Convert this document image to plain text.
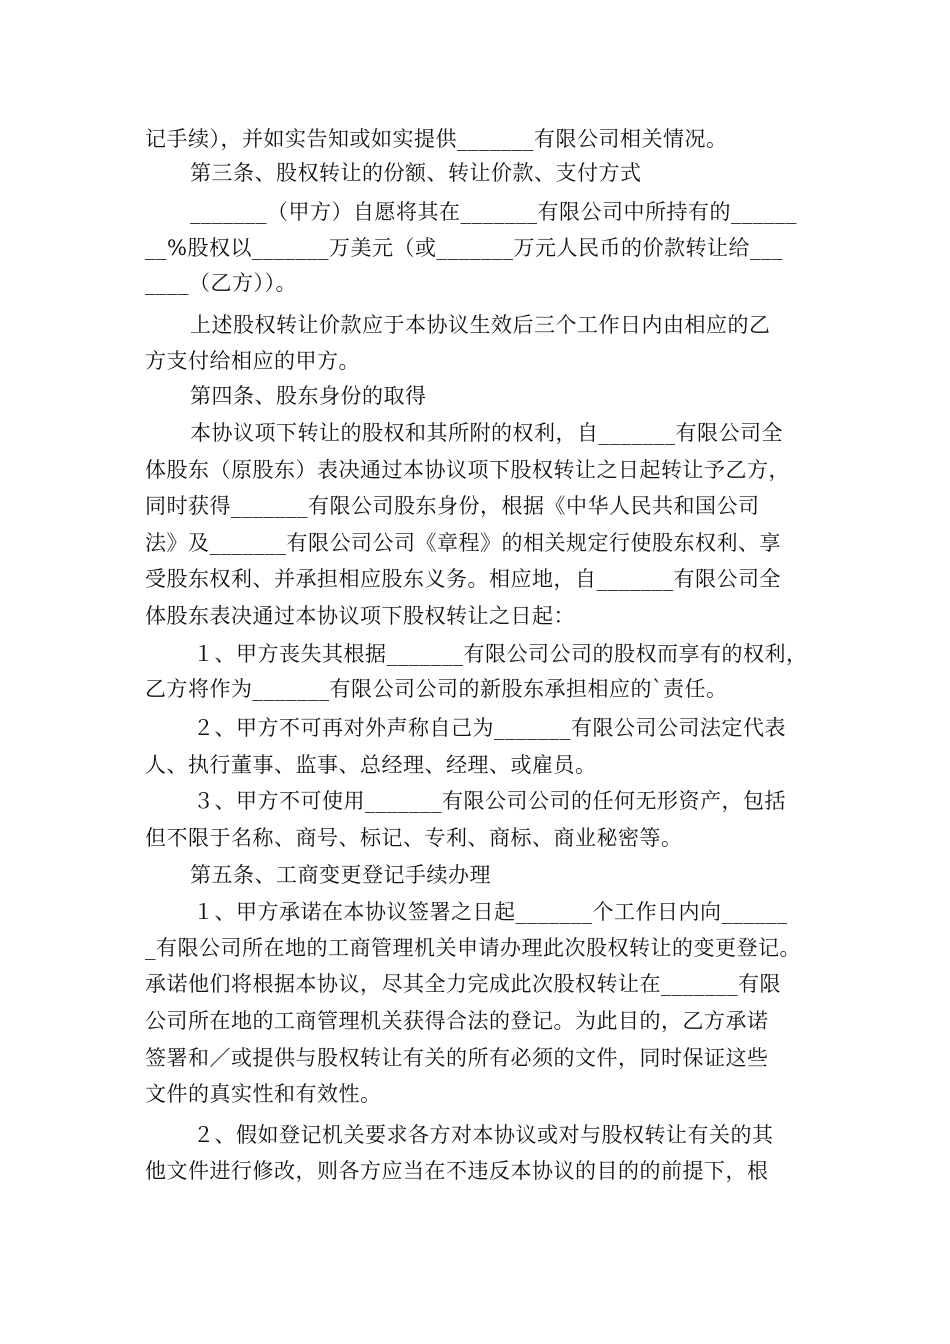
记手续），并如实告知或如实提供_______有限公司相关情况。
第三条、股权转让的份额、转让价款、支付方式
_______（甲方）自愿将其在_______有限公司中所持有的______
__%股权以_______万美元（或_______万元人民币的价款转让给___
____（乙方））。
上述股权转让价款应于本协议生效后三个工作日内由相应的乙
方支付给相应的甲方。
第四条、股东身份的取得
本协议项下转让的股权和其所附的权利，自_______有限公司全
体股东（原股东）表决通过本协议项下股权转让之日起转让予乙方，
同时获得_______有限公司股东身份，根据《中华人民共和国公司
法》及_______有限公司公司《章程》的相关规定行使股东权利、享
受股东权利、并承担相应股东义务。相应地，自_______有限公司全
体股东表决通过本协议项下股权转让之日起：
１、甲方丧失其根据_______有限公司公司的股权而享有的权利，
乙方将作为_______有限公司公司的新股东承担相应的`责任。
２、甲方不可再对外声称自己为_______有限公司公司法定代表
人、执行董事、监事、总经理、经理、或雇员。
３、甲方不可使用_______有限公司公司的任何无形资产，包括
但不限于名称、商号、标记、专利、商标、商业秘密等。
第五条、工商变更登记手续办理
１、甲方承诺在本协议签署之日起_______个工作日内向______
_有限公司所在地的工商管理机关申请办理此次股权转让的变更登记。
承诺他们将根据本协议，尽其全力完成此次股权转让在_______有限
公司所在地的工商管理机关获得合法的登记。为此目的，乙方承诺
签署和／或提供与股权转让有关的所有必须的文件，同时保证这些
文件的真实性和有效性。
２、假如登记机关要求各方对本协议或对与股权转让有关的其
他文件进行修改，则各方应当在不违反本协议的目的的前提下，根
